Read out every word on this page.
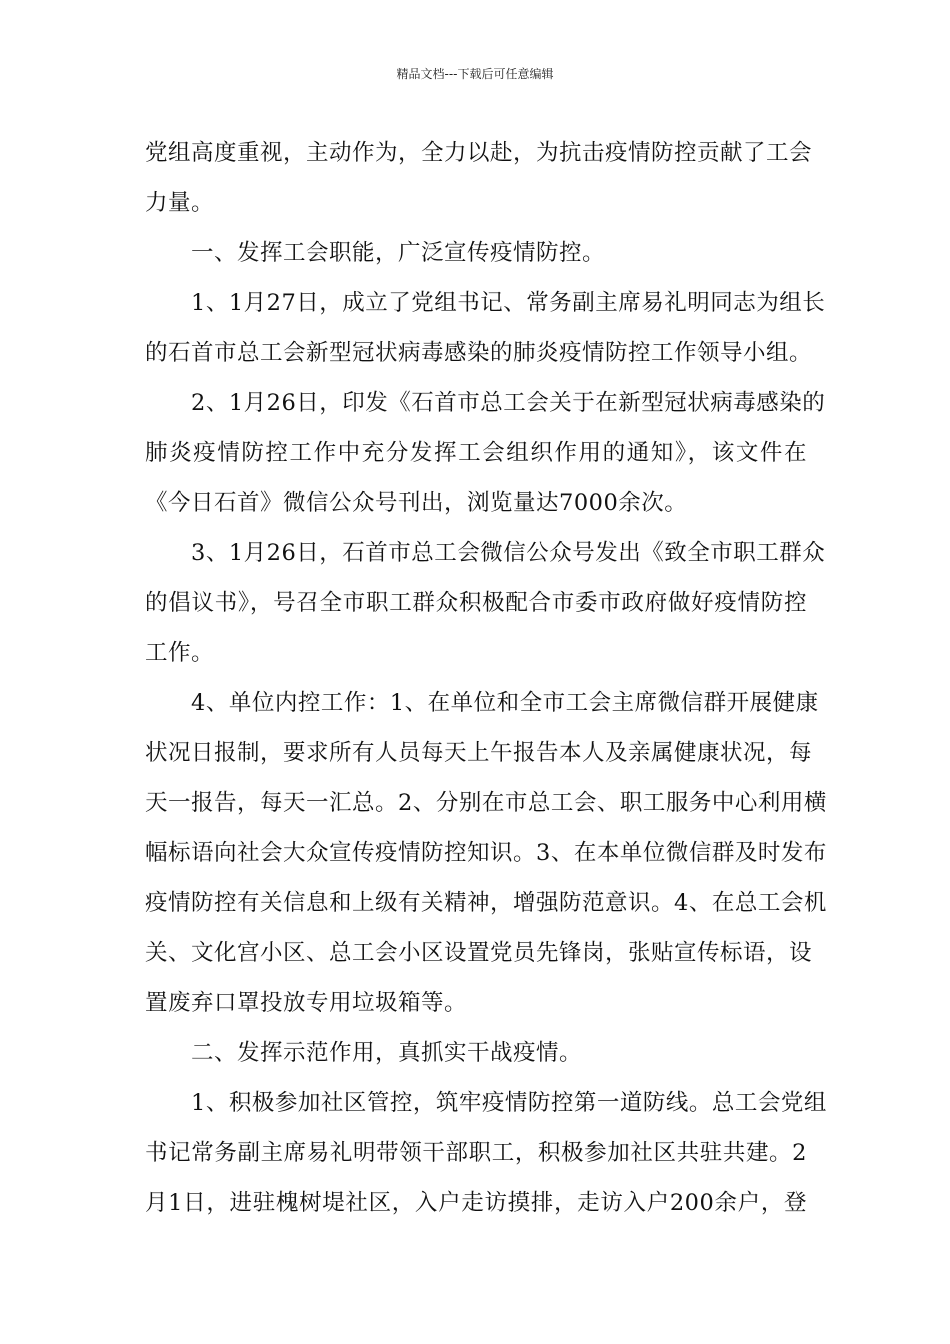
精品文档---下载后可任意编辑
党组高度重视，主动作为，全力以赴，为抗击疫情防控贡献了工会
力量。
一、发挥工会职能，广泛宣传疫情防控。
1、1月27日，成立了党组书记、常务副主席易礼明同志为组长
的石首市总工会新型冠状病毒感染的肺炎疫情防控工作领导小组。
2、1月26日，印发《石首市总工会关于在新型冠状病毒感染的
肺炎疫情防控工作中充分发挥工会组织作用的通知》，该文件在
《今日石首》微信公众号刊出，浏览量达7000余次。
3、1月26日，石首市总工会微信公众号发出《致全市职工群众
的倡议书》，号召全市职工群众积极配合市委市政府做好疫情防控
工作。
4、单位内控工作：1、在单位和全市工会主席微信群开展健康
状况日报制，要求所有人员每天上午报告本人及亲属健康状况，每
天一报告，每天一汇总。2、分别在市总工会、职工服务中心利用横
幅标语向社会大众宣传疫情防控知识。3、在本单位微信群及时发布
疫情防控有关信息和上级有关精神，增强防范意识。4、在总工会机
关、文化宫小区、总工会小区设置党员先锋岗，张贴宣传标语，设
置废弃口罩投放专用垃圾箱等。
二、发挥示范作用，真抓实干战疫情。
1、积极参加社区管控，筑牢疫情防控第一道防线。总工会党组
书记常务副主席易礼明带领干部职工，积极参加社区共驻共建。2
月1日，进驻槐树堤社区，入户走访摸排，走访入户200余户，登
